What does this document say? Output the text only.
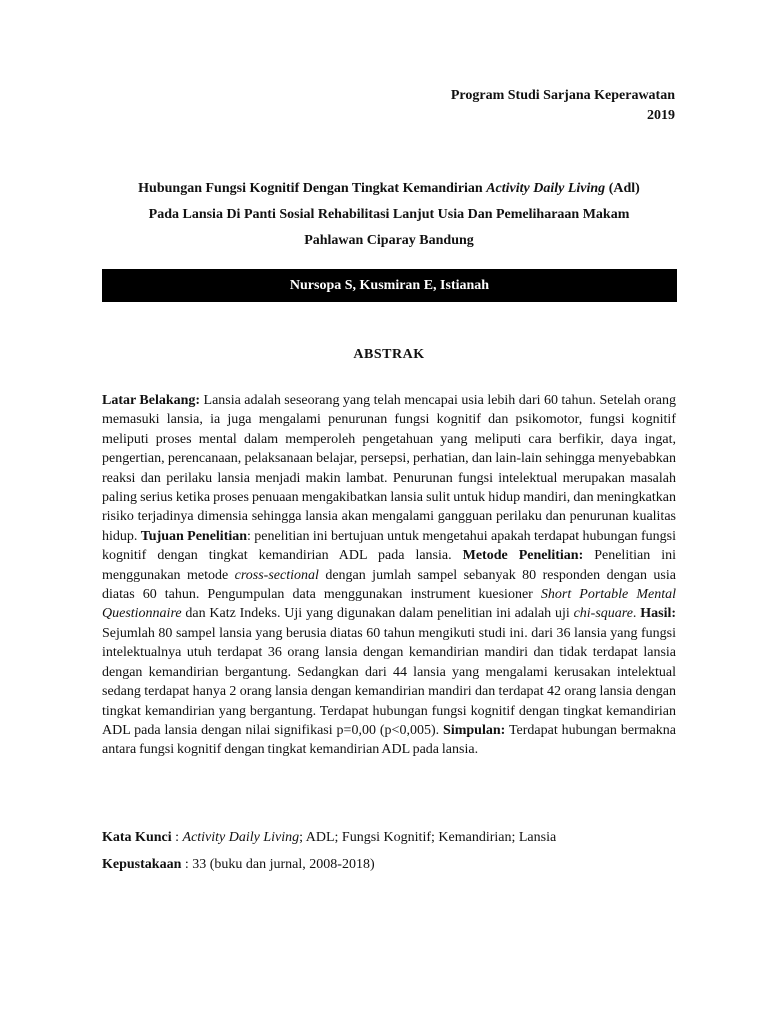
Program Studi Sarjana Keperawatan
2019
Hubungan Fungsi Kognitif Dengan Tingkat Kemandirian Activity Daily Living (Adl)
Pada Lansia Di Panti Sosial Rehabilitasi Lanjut Usia Dan Pemeliharaan Makam
Pahlawan Ciparay Bandung
Nursopa S, Kusmiran E, Istianah
ABSTRAK
Latar Belakang: Lansia adalah seseorang yang telah mencapai usia lebih dari 60 tahun. Setelah orang memasuki lansia, ia juga mengalami penurunan fungsi kognitif dan psikomotor, fungsi kognitif meliputi proses mental dalam memperoleh pengetahuan yang meliputi cara berfikir, daya ingat, pengertian, perencanaan, pelaksanaan belajar, persepsi, perhatian, dan lain-lain sehingga menyebabkan reaksi dan perilaku lansia menjadi makin lambat. Penurunan fungsi intelektual merupakan masalah paling serius ketika proses penuaan mengakibatkan lansia sulit untuk hidup mandiri, dan meningkatkan risiko terjadinya dimensia sehingga lansia akan mengalami gangguan perilaku dan penurunan kualitas hidup. Tujuan Penelitian: penelitian ini bertujuan untuk mengetahui apakah terdapat hubungan fungsi kognitif dengan tingkat kemandirian ADL pada lansia. Metode Penelitian: Penelitian ini menggunakan metode cross-sectional dengan jumlah sampel sebanyak 80 responden dengan usia diatas 60 tahun. Pengumpulan data menggunakan instrument kuesioner Short Portable Mental Questionnaire dan Katz Indeks. Uji yang digunakan dalam penelitian ini adalah uji chi-square. Hasil: Sejumlah 80 sampel lansia yang berusia diatas 60 tahun mengikuti studi ini. dari 36 lansia yang fungsi intelektualnya utuh terdapat 36 orang lansia dengan kemandirian mandiri dan tidak terdapat lansia dengan kemandirian bergantung. Sedangkan dari 44 lansia yang mengalami kerusakan intelektual sedang terdapat hanya 2 orang lansia dengan kemandirian mandiri dan terdapat 42 orang lansia dengan tingkat kemandirian yang bergantung. Terdapat hubungan fungsi kognitif dengan tingkat kemandirian ADL pada lansia dengan nilai signifikasi p=0,00 (p<0,005). Simpulan: Terdapat hubungan bermakna antara fungsi kognitif dengan tingkat kemandirian ADL pada lansia.
Kata Kunci : Activity Daily Living; ADL; Fungsi Kognitif; Kemandirian; Lansia
Kepustakaan : 33 (buku dan jurnal, 2008-2018)
